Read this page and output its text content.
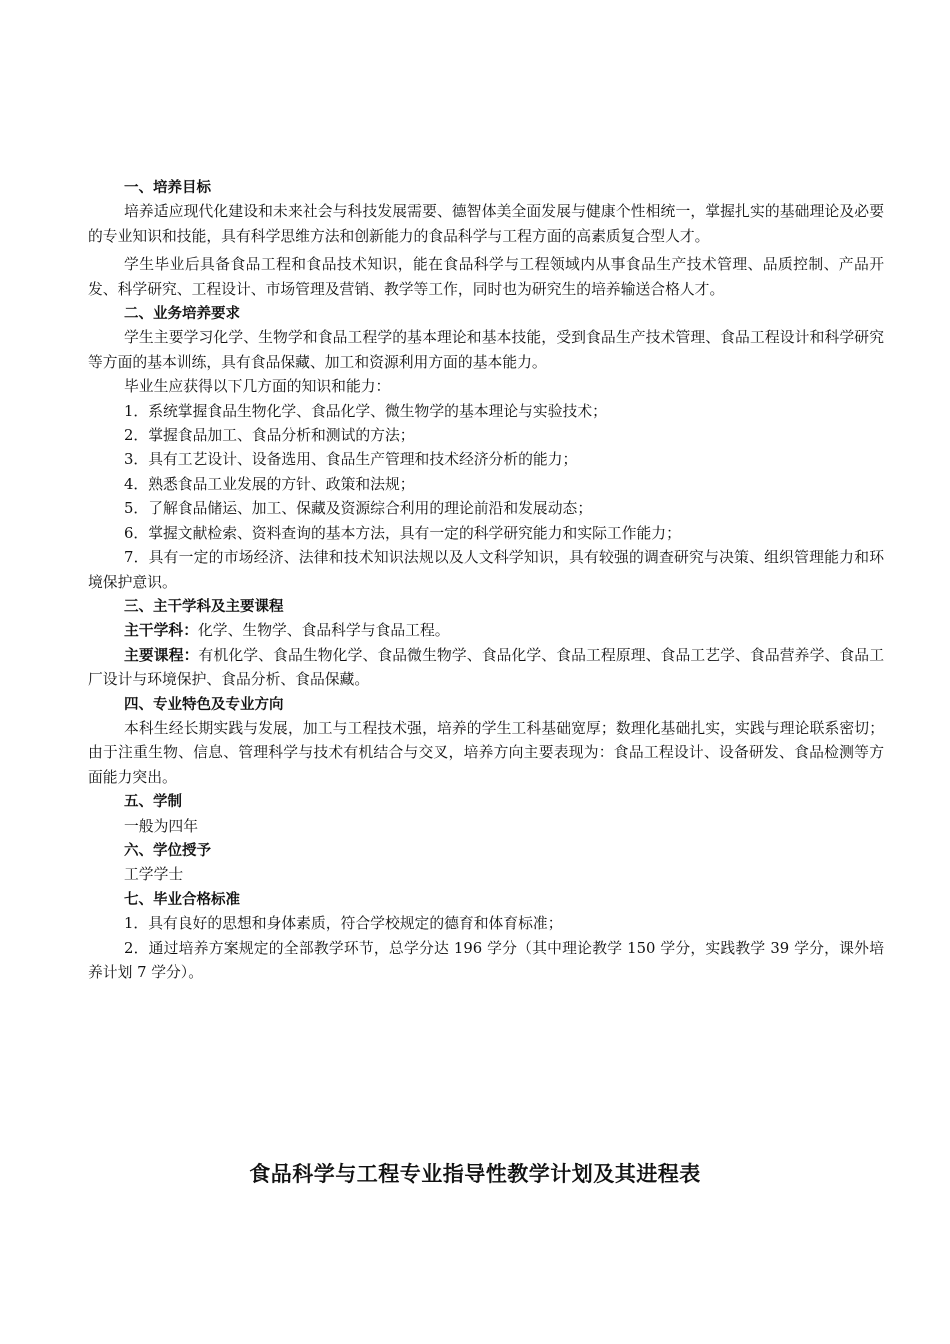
一、培养目标

培养适应现代化建设和未来社会与科技发展需要、德智体美全面发展与健康个性相统一，掌握扎实的基础理论及必要的专业知识和技能，具有科学思维方法和创新能力的食品科学与工程方面的高素质复合型人才。

学生毕业后具备食品工程和食品技术知识，能在食品科学与工程领域内从事食品生产技术管理、品质控制、产品开发、科学研究、工程设计、市场管理及营销、教学等工作，同时也为研究生的培养输送合格人才。

二、业务培养要求

学生主要学习化学、生物学和食品工程学的基本理论和基本技能，受到食品生产技术管理、食品工程设计和科学研究等方面的基本训练，具有食品保藏、加工和资源利用方面的基本能力。

毕业生应获得以下几方面的知识和能力：

1．系统掌握食品生物化学、食品化学、微生物学的基本理论与实验技术；

2．掌握食品加工、食品分析和测试的方法；

3．具有工艺设计、设备选用、食品生产管理和技术经济分析的能力；

4．熟悉食品工业发展的方针、政策和法规；

5．了解食品储运、加工、保藏及资源综合利用的理论前沿和发展动态；

6．掌握文献检索、资料查询的基本方法，具有一定的科学研究能力和实际工作能力；

7．具有一定的市场经济、法律和技术知识法规以及人文科学知识，具有较强的调查研究与决策、组织管理能力和环境保护意识。

三、主干学科及主要课程

主干学科：化学、生物学、食品科学与食品工程。

主要课程：有机化学、食品生物化学、食品微生物学、食品化学、食品工程原理、食品工艺学、食品营养学、食品工厂设计与环境保护、食品分析、食品保藏。

四、专业特色及专业方向

本科生经长期实践与发展，加工与工程技术强，培养的学生工科基础宽厚；数理化基础扎实，实践与理论联系密切；由于注重生物、信息、管理科学与技术有机结合与交叉，培养方向主要表现为：食品工程设计、设备研发、食品检测等方面能力突出。

五、学制

一般为四年

六、学位授予

工学学士

七、毕业合格标准

1．具有良好的思想和身体素质，符合学校规定的德育和体育标准；

2．通过培养方案规定的全部教学环节，总学分达 196 学分（其中理论教学 150 学分，实践教学 39 学分，课外培养计划 7 学分）。

食品科学与工程专业指导性教学计划及其进程表
